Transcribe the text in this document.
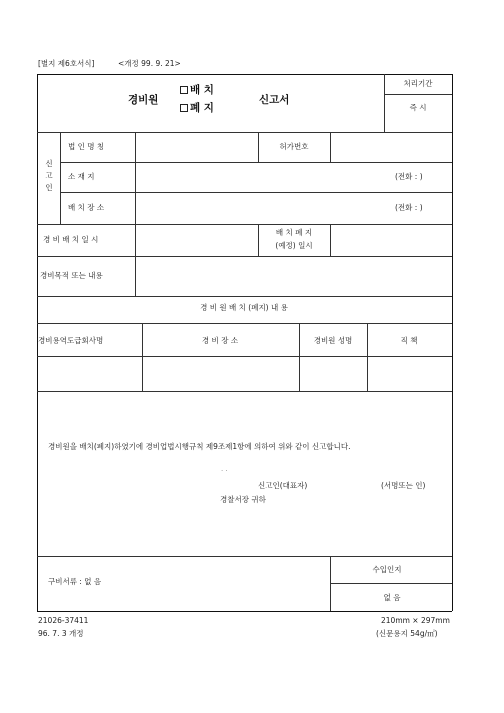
[별지 제6호서식]	<개정 99. 9. 21>
경비원
배 치
폐 지
신고서
처리기간
즉 시
신
고
인
법 인 명 칭	허가번호
소 재 지	(전화 : )
배 치 장 소	(전화 : )
경 비 배 치 일 시
배 치 폐 지
(예정) 일시
경비목적 또는 내용
경 비 원 배 치 (폐지) 내 용
경비용역도급회사명	경 비 장 소	경비원 성명	직 책
경비원을 배치(폐지)하였기에 경비업법시행규칙 제9조제1항에 의하여 위와 같이 신고합니다.
. .
신고인(대표자)	(서명또는 인)
경찰서장 귀하
구비서류 : 없 음
수입인지
없 음
21026-37411
96. 7. 3 개정
210mm × 297mm
(신문용지 54g/㎡)
